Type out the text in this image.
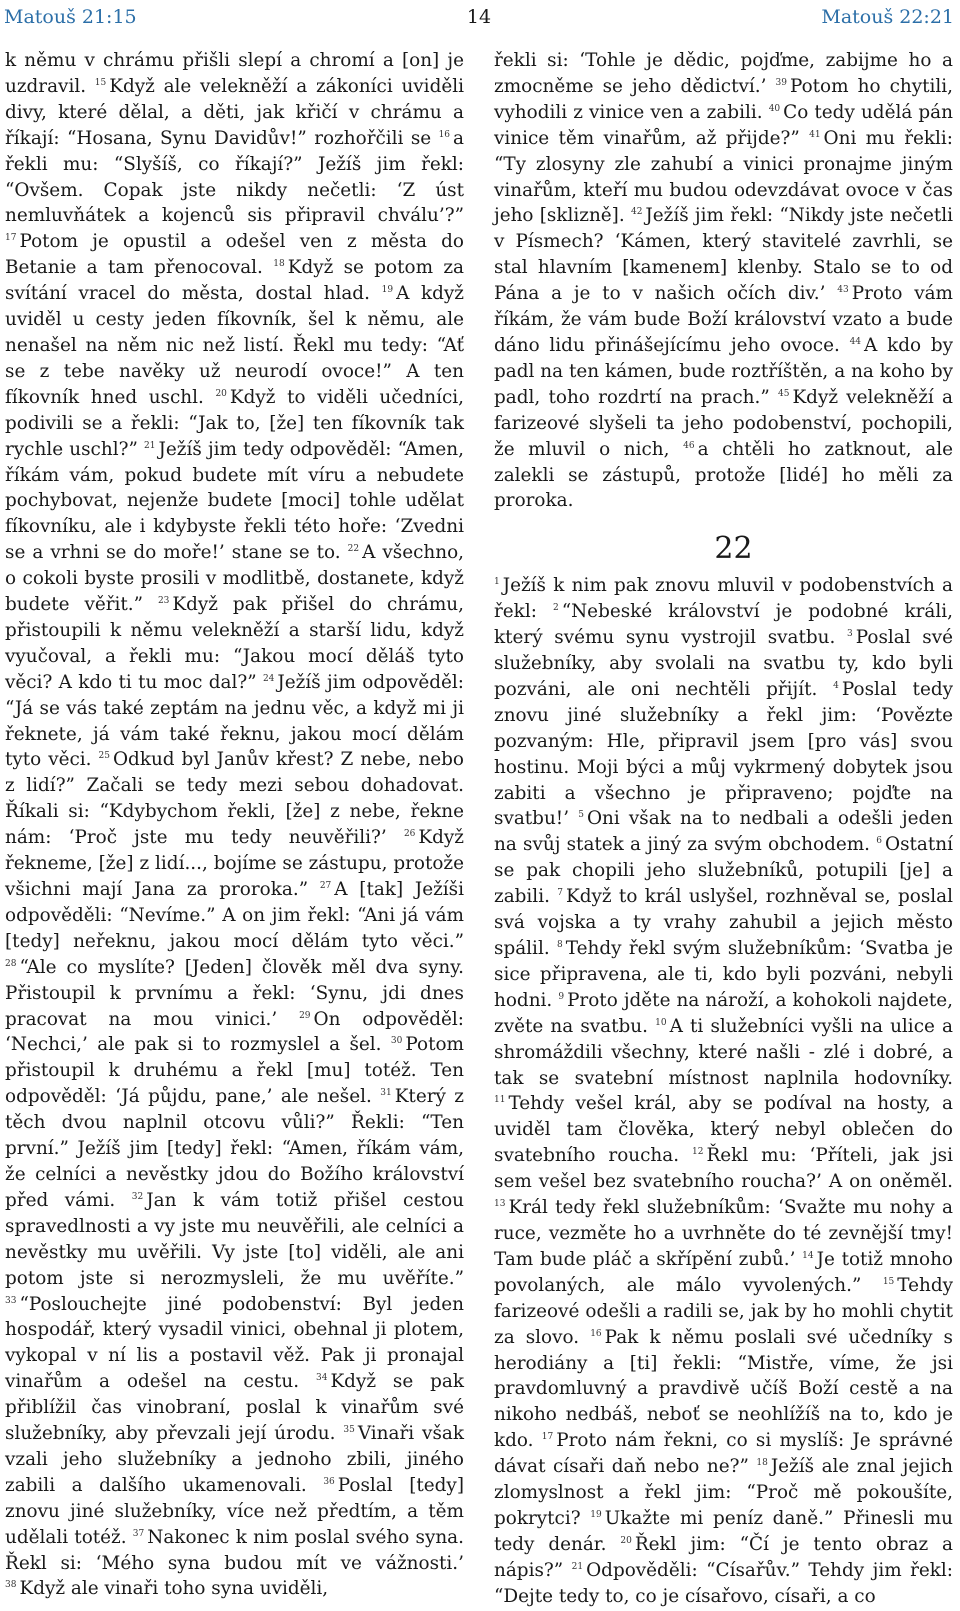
Matouš 21:15	14	Matouš 22:21
k němu v chrámu přišli slepí a chromí a [on] je uzdravil. $^{15}$ Když ale velekněží a zákoníci uviděli divy, které dělal, a děti, jak křičí v chrámu a říkají: “Hosana, Synu Davidův!” rozhořčili se $^{16}$ a řekli mu: “Slyšíš, co říkají?” Ježíš jim řekl: “Ovšem. Copak jste nikdy nečetli: ‘Z úst nemluvňátek a kojenců sis připravil chválu’?” $^{17}$ Potom je opustil a odešel ven z města do Betanie a tam přenocoval. $^{18}$ Když se potom za svítání vracel do města, dostal hlad. $^{19}$ A když uviděl u cesty jeden fíkovník, šel k němu, ale nenašel na něm nic než listí. Řekl mu tedy: “Ať se z tebe navěky už neurodí ovoce!” A ten fíkovník hned uschl. $^{20}$ Když to viděli učedníci, podivili se a řekli: “Jak to, [že] ten fíkovník tak rychle uschl?” $^{21}$ Ježíš jim tedy odpověděl: “Amen, říkám vám, pokud budete mít víru a nebudete pochybovat, nejenže budete [moci] tohle udělat fíkovníku, ale i kdybyste řekli této hoře: ‘Zvedni se a vrhni se do moře!’ stane se to. $^{22}$ A všechno, o cokoli byste prosili v modlitbě, dostanete, když budete věřit.” $^{23}$ Když pak přišel do chrámu, přistoupili k němu velekněží a starší lidu, když vyučoval, a řekli mu: “Jakou mocí děláš tyto věci? A kdo ti tu moc dal?” $^{24}$ Ježíš jim odpověděl: “Já se vás také zeptám na jednu věc, a když mi ji řeknete, já vám také řeknu, jakou mocí dělám tyto věci. $^{25}$ Odkud byl Janův křest? Z nebe, nebo z lidí?” Začali se tedy mezi sebou dohadovat. Říkali si: “Kdybychom řekli, [že] z nebe, řekne nám: ‘Proč jste mu tedy neuvěřili?’ $^{26}$ Když řekneme, [že] z lidí..., bojíme se zástupu, protože všichni mají Jana za proroka.” $^{27}$ A [tak] Ježíši odpověděli: “Nevíme.” A on jim řekl: “Ani já vám [tedy] neřeknu, jakou mocí dělám tyto věci.” $^{28}$ “Ale co myslíte? [Jeden] člověk měl dva syny. Přistoupil k prvnímu a řekl: ‘Synu, jdi dnes pracovat na mou vinici.’ $^{29}$ On odpověděl: ‘Nechci,’ ale pak si to rozmyslel a šel. $^{30}$ Potom přistoupil k druhému a řekl [mu] totéž. Ten odpověděl: ‘Já půjdu, pane,’ ale nešel. $^{31}$ Který z těch dvou naplnil otcovu vůli?” Řekli: “Ten první.” Ježíš jim [tedy] řekl: “Amen, říkám vám, že celníci a nevěstky jdou do Božího království před vámi. $^{32}$ Jan k vám totiž přišel cestou spravedlnosti a vy jste mu neuvěřili, ale celníci a nevěstky mu uvěřili. Vy jste [to] viděli, ale ani potom jste si nerozmysleli, že mu uvěříte.” $^{33}$ “Poslouchejte jiné podobenství: Byl jeden hospodář, který vysadil vinici, obehnal ji plotem, vykopal v ní lis a postavil věž. Pak ji pronajal vinařům a odešel na cestu. $^{34}$ Když se pak přiblížil čas vinobraní, poslal k vinařům své služebníky, aby převzali její úrodu. $^{35}$ Vinaři však vzali jeho služebníky a jednoho zbili, jiného zabili a dalšího ukamenovali. $^{36}$ Poslal [tedy] znovu jiné služebníky, více než předtím, a těm udělali totéž. $^{37}$ Nakonec k nim poslal svého syna. Řekl si: ‘Mého syna budou mít ve vážnosti.’ $^{38}$ Když ale vinaři toho syna uviděli,
řekli si: ‘Tohle je dědic, pojďme, zabijme ho a zmocněme se jeho dědictví.’ $^{39}$ Potom ho chytili, vyhodili z vinice ven a zabili. $^{40}$ Co tedy udělá pán vinice těm vinařům, až přijde?” $^{41}$ Oni mu řekli: “Ty zlosyny zle zahubí a vinici pronajme jiným vinařům, kteří mu budou odevzdávat ovoce v čas jeho [sklizně]. $^{42}$ Ježíš jim řekl: “Nikdy jste nečetli v Písmech? ‘Kámen, který stavitelé zavrhli, se stal hlavním [kamenem] klenby. Stalo se to od Pána a je to v našich očích div.’ $^{43}$ Proto vám říkám, že vám bude Boží království vzato a bude dáno lidu přinášejícímu jeho ovoce. $^{44}$ A kdo by padl na ten kámen, bude roztříštěn, a na koho by padl, toho rozdrtí na prach.” $^{45}$ Když velekněží a farizeové slyšeli ta jeho podobenství, pochopili, že mluvil o nich, $^{46}$ a chtěli ho zatknout, ale zalekli se zástupů, protože [lidé] ho měli za proroka.
22
$^1$ Ježíš k nim pak znovu mluvil v podobenstvích a řekl: $^2$ “Nebeské království je podobné králi, který svému synu vystrojil svatbu. $^3$ Poslal své služebníky, aby svolali na svatbu ty, kdo byli pozváni, ale oni nechtěli přijít. $^4$ Poslal tedy znovu jiné služebníky a řekl jim: ‘Povězte pozvaným: Hle, připravil jsem [pro vás] svou hostinu. Moji býci a můj vykrmený dobytek jsou zabiti a všechno je připraveno; pojďte na svatbu!’ $^5$ Oni však na to nedbali a odešli jeden na svůj statek a jiný za svým obchodem. $^6$ Ostatní se pak chopili jeho služebníků, potupili [je] a zabili. $^7$ Když to král uslyšel, rozhněval se, poslal svá vojska a ty vrahy zahubil a jejich město spálil. $^8$ Tehdy řekl svým služebníkům: ‘Svatba je sice připravena, ale ti, kdo byli pozváni, nebyli hodni. $^9$ Proto jděte na nároží, a kohokoli najdete, zvěte na svatbu. $^{10}$ A ti služebníci vyšli na ulice a shromáždili všechny, které našli - zlé i dobré, a tak se svatební místnost naplnila hodovníky. $^{11}$ Tehdy vešel král, aby se podíval na hosty, a uviděl tam člověka, který nebyl oblečen do svatebního roucha. $^{12}$ Řekl mu: ‘Příteli, jak jsi sem vešel bez svatebního roucha?’ A on oněměl. $^{13}$ Král tedy řekl služebníkům: ‘Svažte mu nohy a ruce, vezměte ho a uvrhněte do té zevnější tmy! Tam bude pláč a skřípění zubů.’ $^{14}$ Je totiž mnoho povolaných, ale málo vyvolených.” $^{15}$ Tehdy farizeové odešli a radili se, jak by ho mohli chytit za slovo. $^{16}$ Pak k němu poslali své učedníky s herodiány a [ti] řekli: “Mistře, víme, že jsi pravdomluvný a pravdivě učíš Boží cestě a na nikoho nedbáš, neboť se neohlížíš na to, kdo je kdo. $^{17}$ Proto nám řekni, co si myslíš: Je správné dávat císaři daň nebo ne?” $^{18}$ Ježíš ale znal jejich zlomyslnost a řekl jim: “Proč mě pokoušíte, pokrytci? $^{19}$ Ukažte mi peníz daně.” Přinesli mu tedy denár. $^{20}$ Řekl jim: “Čí je tento obraz a nápis?” $^{21}$ Odpověděli: “Císařův.” Tehdy jim řekl: “Dejte tedy to, co je císařovo, císaři, a co
